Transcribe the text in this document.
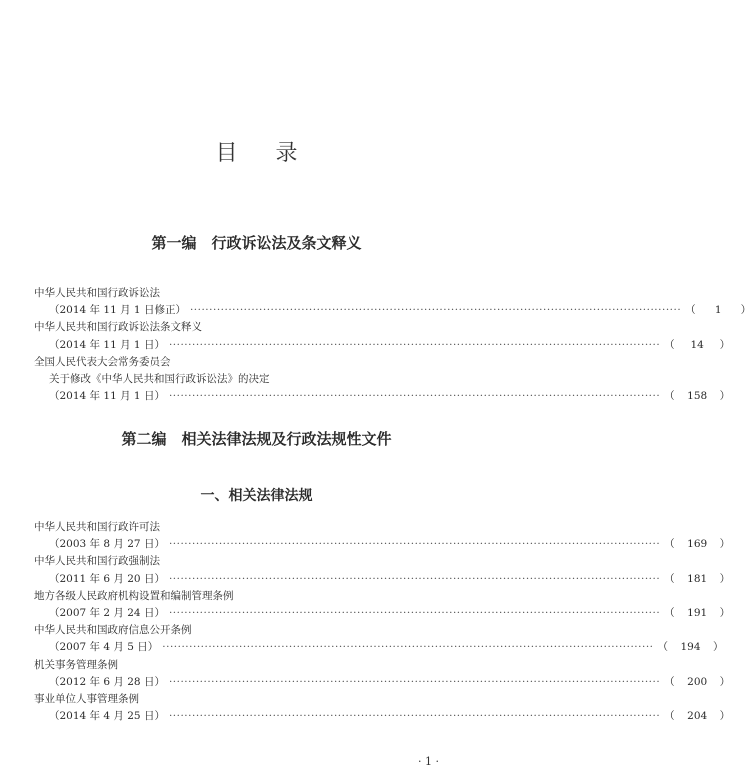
目录
第一编　行政诉讼法及条文释义
中华人民共和国行政诉讼法
（2014 年 11 月 1 日修正） ································································································································ （	1	）
中华人民共和国行政诉讼法条文释义
（2014 年 11 月 1 日） ································································································································ （	14	）
全国人民代表大会常务委员会
关于修改《中华人民共和国行政诉讼法》的决定
（2014 年 11 月 1 日） ································································································································ （	158	）
第二编　相关法律法规及行政法规性文件
一、相关法律法规
中华人民共和国行政许可法
（2003 年 8 月 27 日） ································································································································ （	169	）
中华人民共和国行政强制法
（2011 年 6 月 20 日） ································································································································ （	181	）
地方各级人民政府机构设置和编制管理条例
（2007 年 2 月 24 日） ································································································································ （	191	）
中华人民共和国政府信息公开条例
（2007 年 4 月 5 日） ································································································································ （	194	）
机关事务管理条例
（2012 年 6 月 28 日） ································································································································ （	200	）
事业单位人事管理条例
（2014 年 4 月 25 日） ································································································································ （	204	）
· 1 ·
